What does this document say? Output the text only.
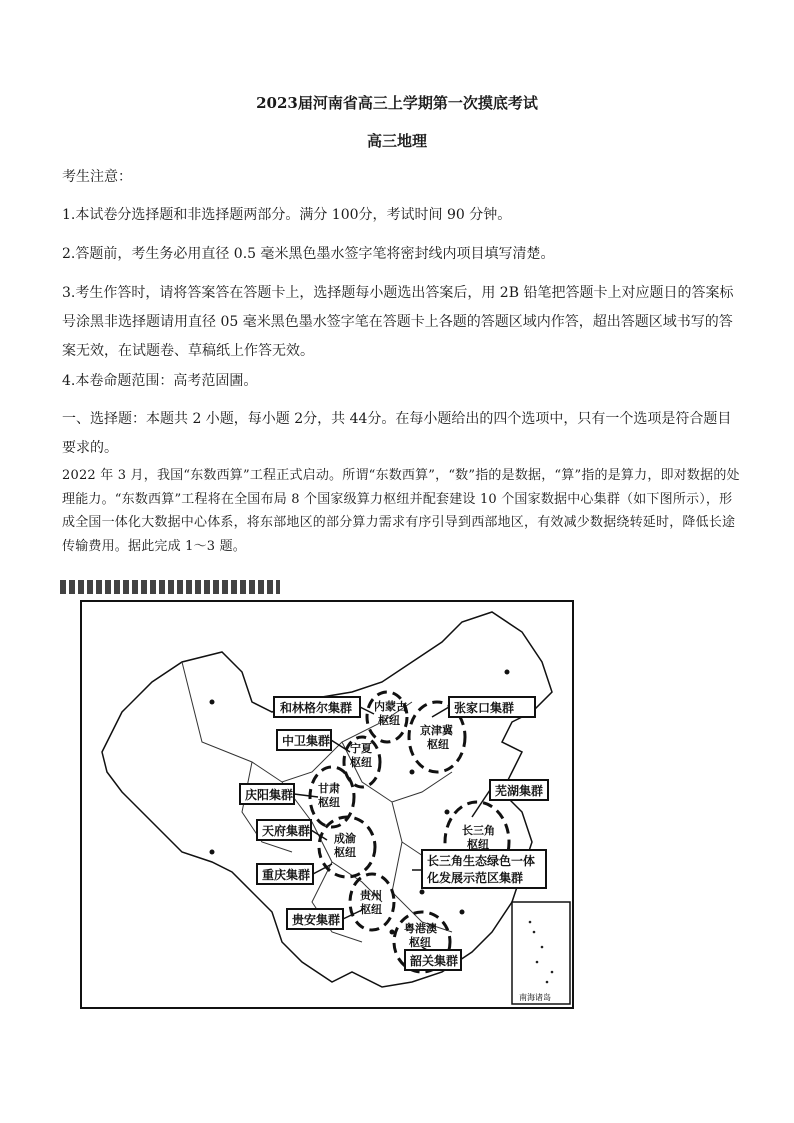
2023届河南省高三上学期第一次摸底考试
高三地理
考生注意：
1.本试卷分选择题和非选择题两部分。满分 100分，考试时间 90 分钟。
2.答题前，考生务必用直径 0.5 毫米黑色墨水签字笔将密封线内项目填写清楚。
3.考生作答时，请将答案答在答题卡上，选择题每小题选出答案后，用 2B 铅笔把答题卡上对应题日的答案标号涂黑非选择题请用直径 05 毫米黑色墨水签字笔在答题卡上各题的答题区域内作答，超出答题区域书写的答案无效，在试题卷、草稿纸上作答无效。
4.本卷命题范围：高考范固圕。
一、选择题：本题共 2 小题，每小题 2分，共 44分。在每小题给出的四个选项中，只有一个选项是符合题目要求的。
2022 年 3 月，我国“东数西算”工程正式启动。所谓“东数西算”，“数”指的是数据，“算”指的是算力，即对数据的处理能力。“东数西算”工程将在全国布局 8 个国家级算力枢纽并配套建设 10 个国家数据中心集群（如下图所示），形成全国一体化大数据中心体系，将东部地区的部分算力需求有序引导到西部地区，有效减少数据绕转延时，降低长途传输费用。据此完成 1～3 题。
南海诸岛
和林格尔集群	张家口集群
中卫集群
庆阳集群
天府集群
芜湖集群
重庆集群
贵安集群
韶关集群
长三角生态绿色一体
化发展示范区集群
内蒙古
枢纽
宁夏
枢纽
京津冀
枢纽
甘肃
枢纽
成渝
枢纽
长三角
枢纽
贵州
枢纽
粤港澳
枢纽
